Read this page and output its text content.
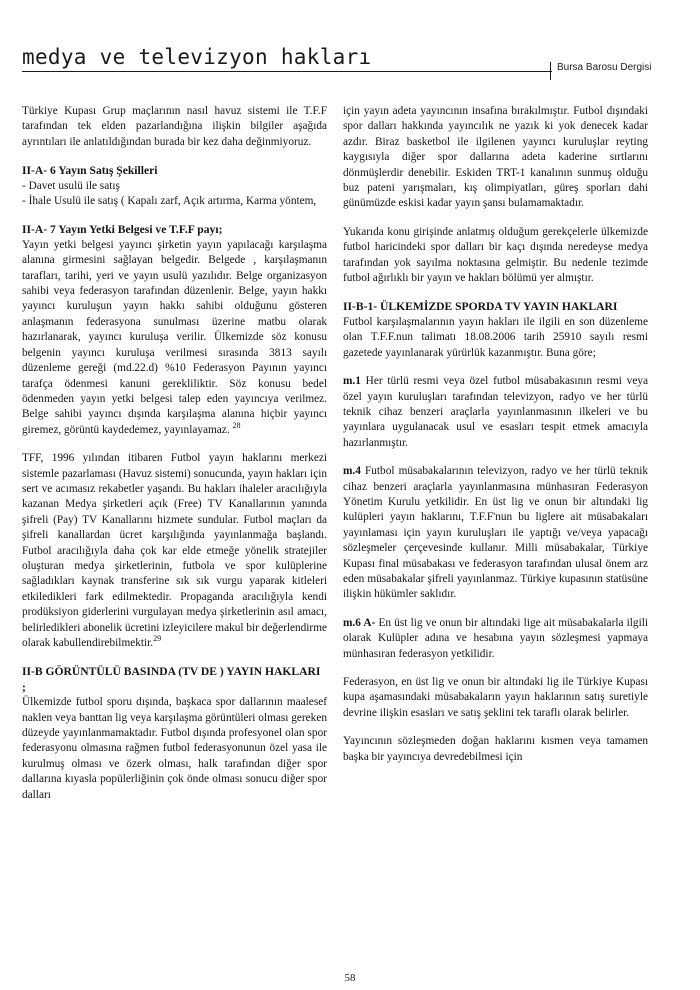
medya ve televizyon hakları	Bursa Barosu Dergisi

Türkiye Kupası Grup maçlarının nasıl havuz sistemi ile T.F.F tarafından tek elden pazarlandığına ilişkin bilgiler aşağıda ayrıntıları ile anlatıldığından burada bir kez daha değinmiyoruz.

II-A- 6 Yayın Satış Şekilleri
- Davet usulü ile satış
- İhale Usulü ile satış ( Kapalı zarf, Açık artırma, Karma yöntem,
II-A- 7 Yayın Yetki Belgesi ve T.F.F payı;

Yayın yetki belgesi yayıncı şirketin yayın yapılacağı karşılaşma alanına girmesini sağlayan belgedir. Belgede , karşılaşmanın tarafları, tarihi, yeri ve yayın usulü yazılıdır. Belge organizasyon sahibi veya federasyon tarafından düzenlenir. Belge, yayın hakkı yayıncı kuruluşun yayın hakkı sahibi olduğunu gösteren anlaşmanın federasyona sunulması üzerine matbu olarak hazırlanarak, yayıncı kuruluşa verilir. Ülkemizde söz konusu belgenin yayıncı kuruluşa verilmesi sırasında 3813 sayılı düzenleme gereği (md.22.d) %10 Federasyon Payının yayıncı tarafça ödenmesi kanuni gerekliliktir. Söz konusu bedel ödenmeden yayın yetki belgesi talep eden yayıncıya verilmez. Belge sahibi yayıncı dışında karşılaşma alanına hiçbir yayıncı giremez, görüntü kaydedemez, yayınlayamaz. $^{28}$

TFF, 1996 yılından itibaren Futbol yayın haklarını merkezi sistemle pazarlaması (Havuz sistemi) sonucunda, yayın hakları için sert ve acımasız rekabetler yaşandı. Bu hakları ihaleler aracılığıyla kazanan Medya şirketleri açık (Free) TV Kanallarının yanında şifreli (Pay) TV Kanallarını hizmete sundular. Futbol maçları da şifreli kanallardan ücret karşılığında yayınlanmağa başlandı. Futbol aracılığıyla daha çok kar elde etmeğe yönelik stratejiler oluşturan medya şirketlerinin, futbola ve spor kulüplerine sağladıkları kaynak transferine sık sık vurgu yaparak kitleleri etkiledikleri fark edilmektedir. Propaganda aracılığıyla kendi prodüksiyon giderlerini vurgulayan medya şirketlerinin asıl amacı, belirledikleri abonelik ücretini izleyicilere makul bir değerlendirme olarak kabullendirebilmektir.$^{29}$

II-B GÖRÜNTÜLÜ BASINDA (TV DE ) YAYIN HAKLARI ;

Ülkemizde futbol sporu dışında, başkaca spor dallarının maalesef naklen veya banttan lig veya karşılaşma görüntüleri olması gereken düzeyde yayınlanmamaktadır. Futbol dışında profesyonel olan spor federasyonu olmasına rağmen futbol federasyonunun özel yasa ile kurulmuş olması ve özerk olması, halk tarafından diğer spor dallarına kıyasla popülerliğinin çok önde olması sonucu diğer spor dalları

için yayın adeta yayıncının insafına bırakılmıştır. Futbol dışındaki spor dalları hakkında yayıncılık ne yazık ki yok denecek kadar azdır. Biraz basketbol ile ilgilenen yayıncı kuruluşlar reyting kaygısıyla diğer spor dallarına adeta kaderine sırtlarını dönmüşlerdir denebilir. Eskiden TRT-1 kanalının sunmuş olduğu buz pateni yarışmaları, kış olimpiyatları, güreş sporları dahi günümüzde eskisi kadar yayın şansı bulamamaktadır.

Yukarıda konu girişinde anlatmış olduğum gerekçelerle ülkemizde futbol haricindeki spor dalları bir kaçı dışında neredeyse medya tarafından yok sayılma noktasına gelmiştir. Bu nedenle tezimde futbol ağırlıklı bir yayın ve hakları bölümü yer almıştır.

II-B-1- ÜLKEMİZDE SPORDA TV YAYIN HAKLARI

Futbol karşılaşmalarının yayın hakları ile ilgili en son düzenleme olan T.F.F.nun talimatı 18.08.2006 tarih 25910 sayılı resmi gazetede yayınlanarak yürürlük kazanmıştır. Buna göre;

m.1 Her türlü resmi veya özel futbol müsabakasının resmi veya özel yayın kuruluşları tarafından televizyon, radyo ve her türlü teknik cihaz benzeri araçlarla yayınlanmasının ilkeleri ve bu yayınlara uygulanacak usul ve esasları tespit etmek amacıyla hazırlanmıştır.

m.4 Futbol müsabakalarının televizyon, radyo ve her türlü teknik cihaz benzeri araçlarla yayınlanmasına münhasıran Federasyon Yönetim Kurulu yetkilidir. En üst lig ve onun bir altındaki lig kulüpleri yayın haklarını, T.F.F'nun bu liglere ait müsabakaları yayınlaması için yayın kuruluşları ile yaptığı ve/veya yapacağı sözleşmeler çerçevesinde kullanır. Milli müsabakalar, Türkiye Kupası final müsabakası ve federasyon tarafından ulusal önem arz eden müsabakalar şifreli yayınlanmaz. Türkiye kupasının statüsüne ilişkin hükümler saklıdır.

m.6 A- En üst lig ve onun bir altındaki lige ait müsabakalarla ilgili olarak Kulüpler adına ve hesabına yayın sözleşmesi yapmaya münhasıran federasyon yetkilidir.

Federasyon, en üst lig ve onun bir altındaki lig ile Türkiye Kupası kupa aşamasındaki müsabakaların yayın haklarının satış suretiyle devrine ilişkin esasları ve satış şeklini tek taraflı olarak belirler.

Yayıncının sözleşmeden doğan haklarını kısmen veya tamamen başka bir yayıncıya devredebilmesi için

58
